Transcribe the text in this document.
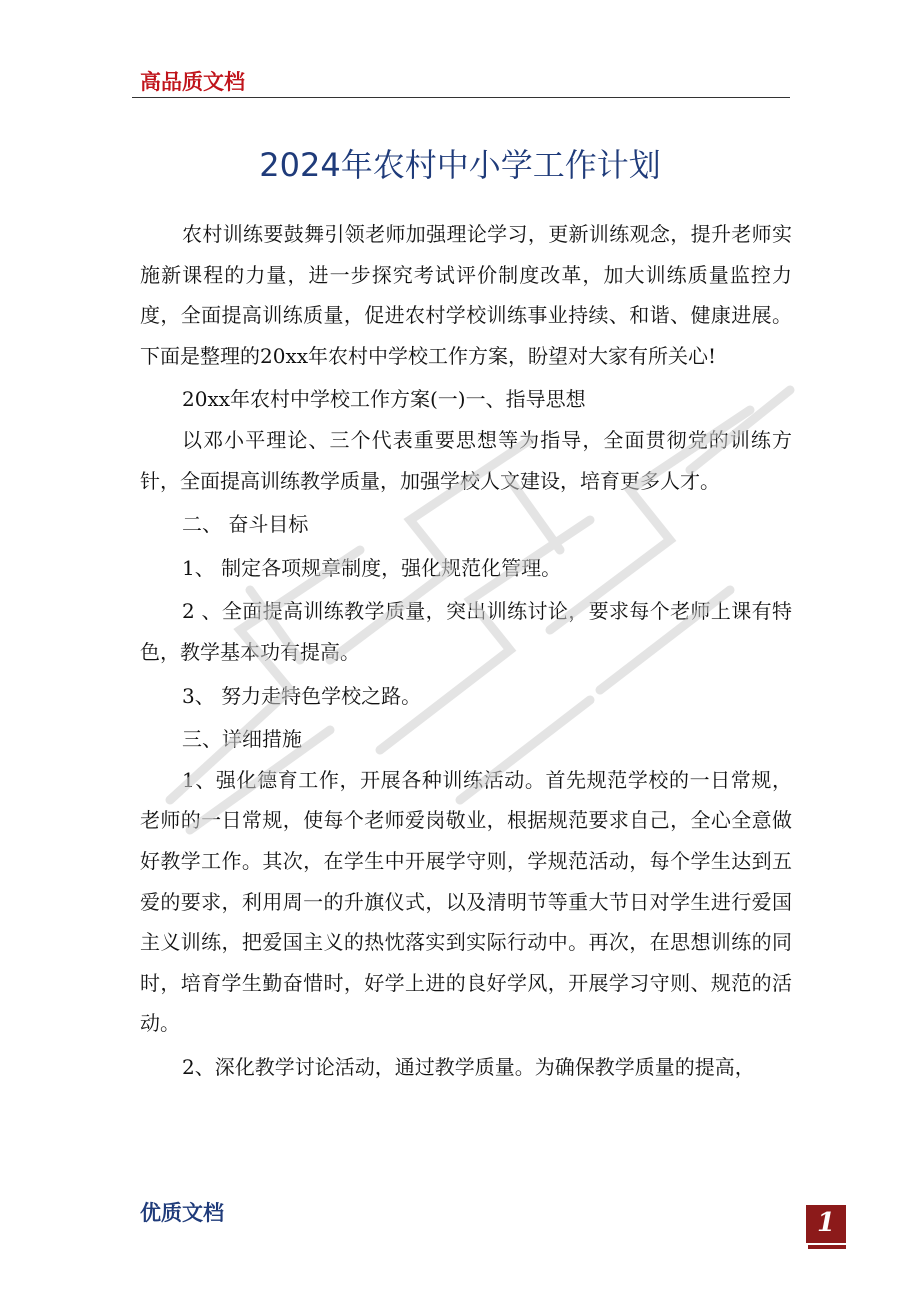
高品质文档
2024年农村中小学工作计划

农村训练要鼓舞引领老师加强理论学习，更新训练观念，提升老师实施新课程的力量，进一步探究考试评价制度改革，加大训练质量监控力度，全面提高训练质量，促进农村学校训练事业持续、和谐、健康进展。下面是整理的20xx年农村中学校工作方案，盼望对大家有所关心!

20xx年农村中学校工作方案(一)一、指导思想

以邓小平理论、三个代表重要思想等为指导，全面贯彻党的训练方针，全面提高训练教学质量，加强学校人文建设，培育更多人才。

二、 奋斗目标

1、 制定各项规章制度，强化规范化管理。

2 、全面提高训练教学质量，突出训练讨论，要求每个老师上课有特色，教学基本功有提高。

3、 努力走特色学校之路。

三、详细措施

1、强化德育工作，开展各种训练活动。首先规范学校的一日常规，老师的一日常规，使每个老师爱岗敬业，根据规范要求自己，全心全意做好教学工作。其次，在学生中开展学守则，学规范活动，每个学生达到五爱的要求，利用周一的升旗仪式，以及清明节等重大节日对学生进行爱国主义训练，把爱国主义的热忱落实到实际行动中。再次，在思想训练的同时，培育学生勤奋惜时，好学上进的良好学风，开展学习守则、规范的活动。

2、深化教学讨论活动，通过教学质量。为确保教学质量的提高，

优质文档	1
